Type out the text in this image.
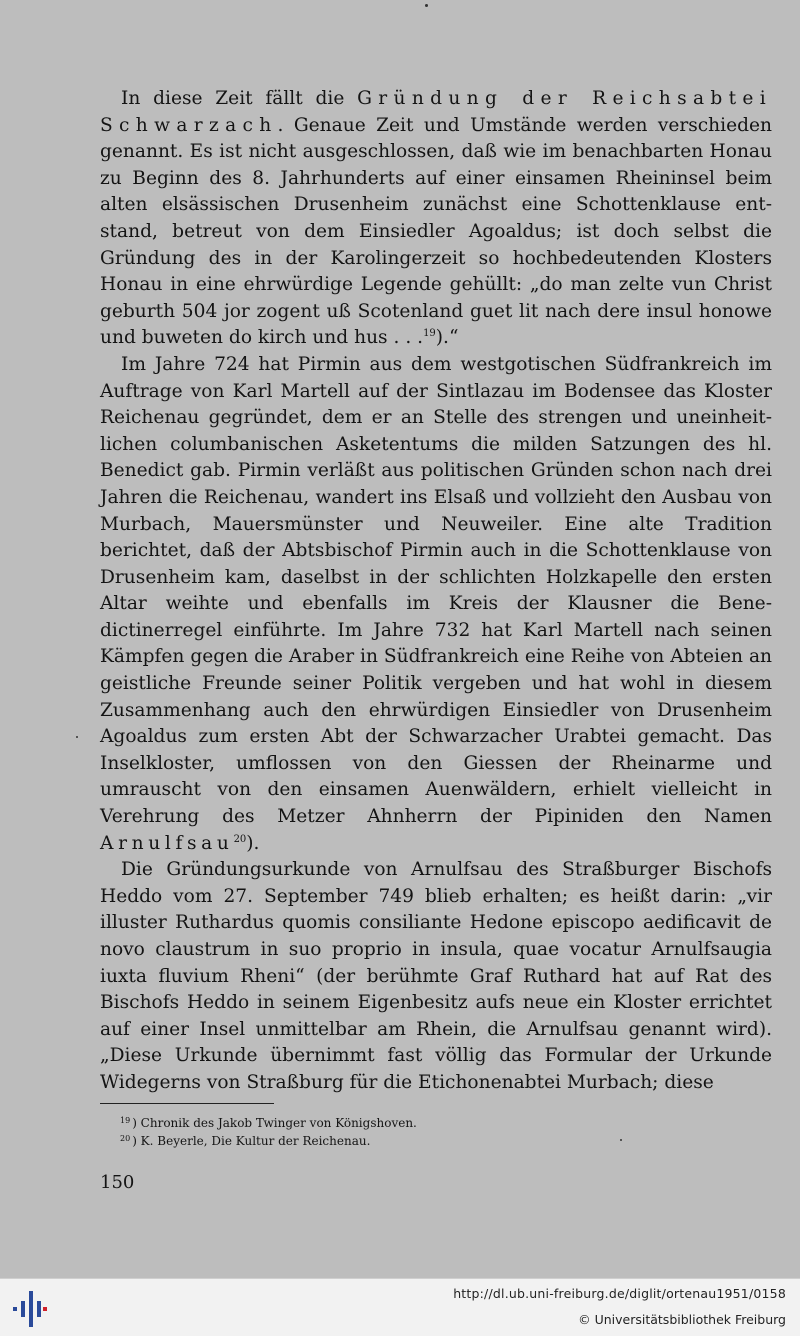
In diese Zeit fällt die Gründung der Reichsabtei Schwarzach. Genaue Zeit und Umstände werden verschieden genannt. Es ist nicht ausgeschlossen, daß wie im benachbarten Honau zu Beginn des 8. Jahrhunderts auf einer einsamen Rheininsel beim alten elsässischen Drusenheim zunächst eine Schottenklause entstand, betreut von dem Einsiedler Agoaldus; ist doch selbst die Gründung des in der Karolingerzeit so hochbedeutenden Klosters Honau in eine ehrwürdige Legende gehüllt: „do man zelte vun Christ geburth 504 jor zogent uß Scotenland guet lit nach dere insul honowe und buweten do kirch und hus . . .$^{19}$).“

Im Jahre 724 hat Pirmin aus dem westgotischen Südfrankreich im Auftrage von Karl Martell auf der Sintlazau im Bodensee das Kloster Reichenau gegründet, dem er an Stelle des strengen und uneinheitlichen columbanischen Asketentums die milden Satzungen des hl. Benedict gab. Pirmin verläßt aus politischen Gründen schon nach drei Jahren die Reichenau, wandert ins Elsaß und vollzieht den Ausbau von Murbach, Mauersmünster und Neuweiler. Eine alte Tradition berichtet, daß der Abtsbischof Pirmin auch in die Schottenklause von Drusenheim kam, daselbst in der schlichten Holzkapelle den ersten Altar weihte und ebenfalls im Kreis der Klausner die Benedictinerregel einführte. Im Jahre 732 hat Karl Martell nach seinen Kämpfen gegen die Araber in Südfrankreich eine Reihe von Abteien an geistliche Freunde seiner Politik vergeben und hat wohl in diesem Zusammenhang auch den ehrwürdigen Einsiedler von Drusenheim Agoaldus zum ersten Abt der Schwarzacher Urabtei gemacht. Das Inselkloster, umflossen von den Giessen der Rheinarme und umrauscht von den einsamen Auenwäldern, erhielt vielleicht in Verehrung des Metzer Ahnherrn der Pipiniden den Namen Arnulfsau$^{20}$).

Die Gründungsurkunde von Arnulfsau des Straßburger Bischofs Heddo vom 27. September 749 blieb erhalten; es heißt darin: „vir illuster Ruthardus quomis consiliante Hedone episcopo aedificavit de novo claustrum in suo proprio in insula, quae vocatur Arnulfsaugia iuxta fluvium Rheni“ (der berühmte Graf Ruthard hat auf Rat des Bischofs Heddo in seinem Eigenbesitz aufs neue ein Kloster errichtet auf einer Insel unmittelbar am Rhein, die Arnulfsau genannt wird). „Diese Urkunde übernimmt fast völlig das Formular der Urkunde Widegerns von Straßburg für die Etichonenabtei Murbach; diese

$^{19}$ ) Chronik des Jakob Twinger von Königshoven.

$^{20}$ ) K. Beyerle, Die Kultur der Reichenau.

150
http://dl.ub.uni-freiburg.de/diglit/ortenau1951/0158
© Universitätsbibliothek Freiburg
